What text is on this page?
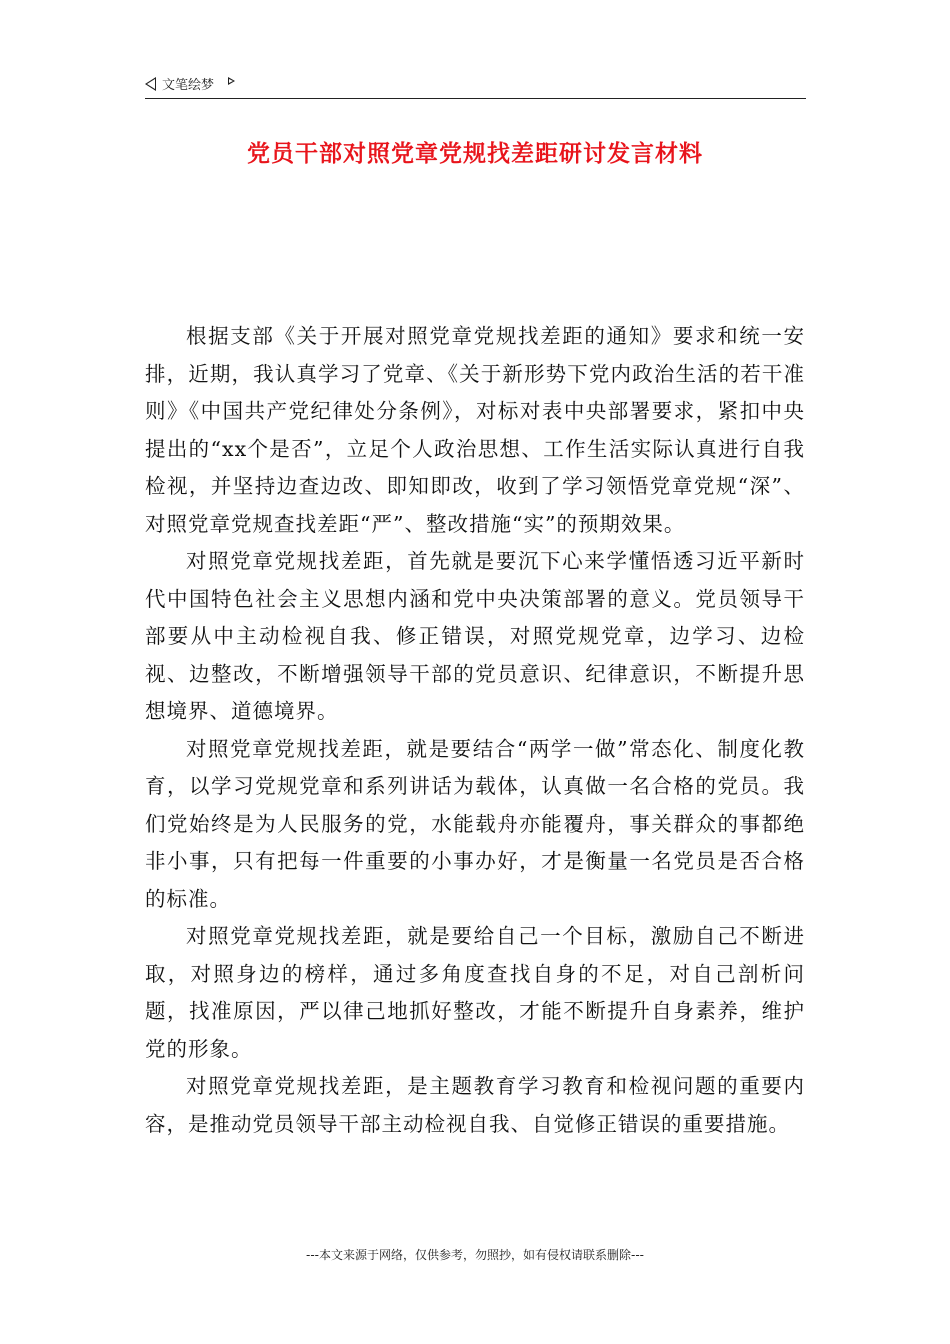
文笔绘梦
党员干部对照党章党规找差距研讨发言材料

根据支部《关于开展对照党章党规找差距的通知》要求和统一安排，近期，我认真学习了党章、《关于新形势下党内政治生活的若干准则》《中国共产党纪律处分条例》，对标对表中央部署要求，紧扣中央提出的“xx个是否”，立足个人政治思想、工作生活实际认真进行自我检视，并坚持边查边改、即知即改，收到了学习领悟党章党规“深”、对照党章党规查找差距“严”、整改措施“实”的预期效果。

对照党章党规找差距，首先就是要沉下心来学懂悟透习近平新时代中国特色社会主义思想内涵和党中央决策部署的意义。党员领导干部要从中主动检视自我、修正错误，对照党规党章，边学习、边检视、边整改，不断增强领导干部的党员意识、纪律意识，不断提升思想境界、道德境界。

对照党章党规找差距，就是要结合“两学一做”常态化、制度化教育，以学习党规党章和系列讲话为载体，认真做一名合格的党员。我们党始终是为人民服务的党，水能载舟亦能覆舟，事关群众的事都绝非小事，只有把每一件重要的小事办好，才是衡量一名党员是否合格的标准。

对照党章党规找差距，就是要给自己一个目标，激励自己不断进取，对照身边的榜样，通过多角度查找自身的不足，对自己剖析问题，找准原因，严以律己地抓好整改，才能不断提升自身素养，维护党的形象。

对照党章党规找差距，是主题教育学习教育和检视问题的重要内容，是推动党员领导干部主动检视自我、自觉修正错误的重要措施。

---本文来源于网络，仅供参考，勿照抄，如有侵权请联系删除---
